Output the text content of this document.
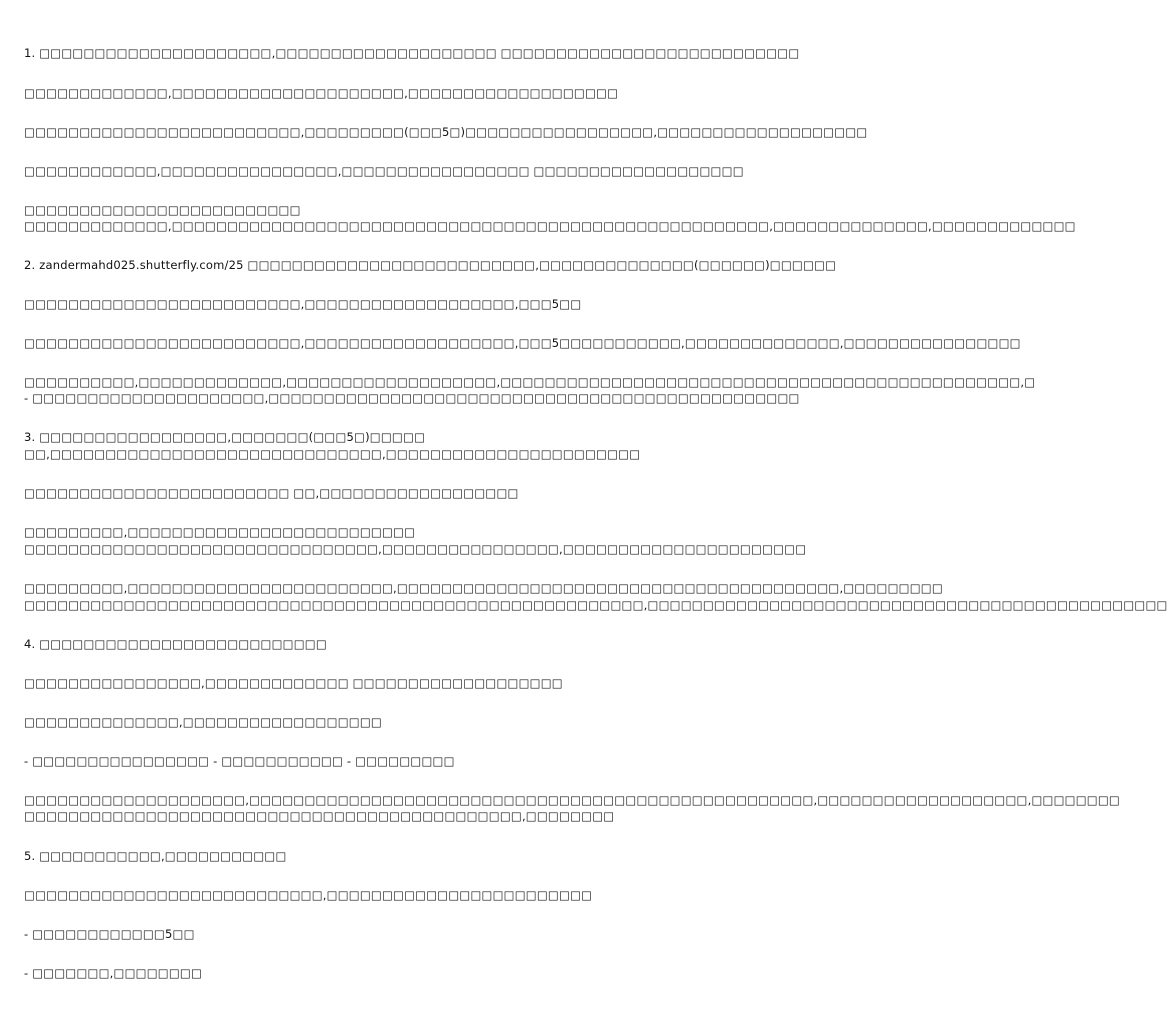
1. □□□□□□□□□□□□□□□□□□□□□,□□□□□□□□□□□□□□□□□□□□ □□□□□□□□□□□□□□□□□□□□□□□□□□□
□□□□□□□□□□□□□,□□□□□□□□□□□□□□□□□□□□□,□□□□□□□□□□□□□□□□□□□
□□□□□□□□□□□□□□□□□□□□□□□□□,□□□□□□□□□(□□□5□)□□□□□□□□□□□□□□□□□,□□□□□□□□□□□□□□□□□□□
□□□□□□□□□□□□,□□□□□□□□□□□□□□□□,□□□□□□□□□□□□□□□□□ □□□□□□□□□□□□□□□□□□□
□□□□□□□□□□□□□□□□□□□□□□□□□
□□□□□□□□□□□□□,□□□□□□□□□□□□□□□□□□□□□□□□□□□□□□□□□□□□□□□□□□□□□□□□□□□□□□,□□□□□□□□□□□□□□,□□□□□□□□□□□□□
2. zandermahd025.shutterfly.com/25 □□□□□□□□□□□□□□□□□□□□□□□□□□,□□□□□□□□□□□□□□(□□□□□□)□□□□□□
□□□□□□□□□□□□□□□□□□□□□□□□□,□□□□□□□□□□□□□□□□□□□,□□□5□□
□□□□□□□□□□□□□□□□□□□□□□□□□,□□□□□□□□□□□□□□□□□□□,□□□5□□□□□□□□□□□,□□□□□□□□□□□□□□,□□□□□□□□□□□□□□□□
□□□□□□□□□□,□□□□□□□□□□□□□,□□□□□□□□□□□□□□□□□□□,□□□□□□□□□□□□□□□□□□□□□□□□□□□□□□□□□□□□□□□□□□□□□□□,□
- □□□□□□□□□□□□□□□□□□□□□,□□□□□□□□□□□□□□□□□□□□□□□□□□□□□□□□□□□□□□□□□□□□□□□□
3. □□□□□□□□□□□□□□□□□,□□□□□□□(□□□5□)□□□□□
□□,□□□□□□□□□□□□□□□□□□□□□□□□□□□□□□,□□□□□□□□□□□□□□□□□□□□□□□
□□□□□□□□□□□□□□□□□□□□□□□□ □□,□□□□□□□□□□□□□□□□□□
□□□□□□□□□,□□□□□□□□□□□□□□□□□□□□□□□□□□
□□□□□□□□□□□□□□□□□□□□□□□□□□□□□□□□,□□□□□□□□□□□□□□□□,□□□□□□□□□□□□□□□□□□□□□□
□□□□□□□□□,□□□□□□□□□□□□□□□□□□□□□□□□,□□□□□□□□□□□□□□□□□□□□□□□□□□□□□□□□□□□□□□□□,□□□□□□□□□
□□□□□□□□□□□□□□□□□□□□□□□□□□□□□□□□□□□□□□□□□□□□□□□□□□□□□□□□,□□□□□□□□□□□□□□□□□□□□□□□□□□□□□□□□□□□□□□□□□□□□□□□
4. □□□□□□□□□□□□□□□□□□□□□□□□□□
□□□□□□□□□□□□□□□□,□□□□□□□□□□□□□ □□□□□□□□□□□□□□□□□□□
□□□□□□□□□□□□□□,□□□□□□□□□□□□□□□□□□
- □□□□□□□□□□□□□□□□ - □□□□□□□□□□□ - □□□□□□□□□
□□□□□□□□□□□□□□□□□□□□,□□□□□□□□□□□□□□□□□□□□□□□□□□□□□□□□□□□□□□□□□□□□□□□□□□□,□□□□□□□□□□□□□□□□□□□,□□□□□□□□
□□□□□□□□□□□□□□□□□□□□□□□□□□□□□□□□□□□□□□□□□□□□□,□□□□□□□□
5. □□□□□□□□□□□,□□□□□□□□□□□
□□□□□□□□□□□□□□□□□□□□□□□□□□□,□□□□□□□□□□□□□□□□□□□□□□□□
- □□□□□□□□□□□□5□□
- □□□□□□□,□□□□□□□□
